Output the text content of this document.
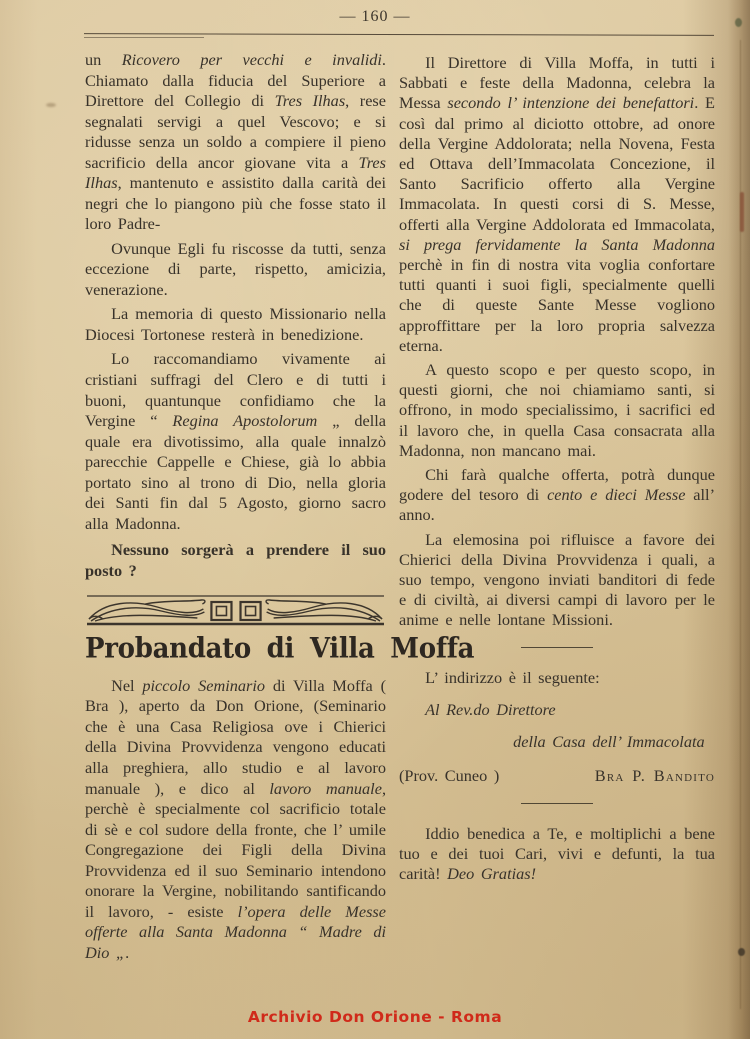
— 160 —

un Ricovero per vecchi e invalidi. Chiamato dalla fiducia del Superiore a Direttore del Collegio di Tres Ilhas, rese segnalati servigi a quel Vescovo; e si ridusse senza un soldo a compiere il pieno sacrificio della ancor giovane vita a Tres Ilhas, mantenuto e assistito dalla carità dei negri che lo piangono più che fosse stato il loro Padre-

Ovunque Egli fu riscosse da tutti, senza eccezione di parte, rispetto, amicizia, venerazione.

La memoria di questo Missionario nella Diocesi Tortonese resterà in benedizione.

Lo raccomandiamo vivamente ai cristiani suffragi del Clero e di tutti i buoni, quantunque confidiamo che la Vergine “ Regina Apostolorum „ della quale era divotissimo, alla quale innalzò parecchie Cappelle e Chiese, già lo abbia portato sino al trono di Dio, nella gloria dei Santi fin dal 5 Agosto, giorno sacro alla Madonna.

Nessuno sorgerà a prendere il suo posto ?

Probandato di Villa Moffa

Nel piccolo Seminario di Villa Moffa ( Bra ), aperto da Don Orione, (Seminario che è una Casa Religiosa ove i Chierici della Divina Provvidenza vengono educati alla preghiera, allo studio e al lavoro manuale ), e dico al lavoro manuale, perchè è specialmente col sacrificio totale di sè e col sudore della fronte, che l’ umile Congregazione dei Figli della Divina Provvidenza ed il suo Seminario intendono onorare la Vergine, nobilitando santificando il lavoro, - esiste l’opera delle Messe offerte alla Santa Madonna “ Madre di Dio „.

Il Direttore di Villa Moffa, in tutti i Sabbati e feste della Madonna, celebra la Messa secondo l’ intenzione dei benefattori. E così dal primo al diciotto ottobre, ad onore della Vergine Addolorata; nella Novena, Festa ed Ottava dell’Immacolata Concezione, il Santo Sacrificio offerto alla Vergine Immacolata. In questi corsi di S. Messe, offerti alla Vergine Addolorata ed Immacolata, si prega fervidamente la Santa Madonna perchè in fin di nostra vita voglia confortare tutti quanti i suoi figli, specialmente quelli che di queste Sante Messe vogliono approffittare per la loro propria salvezza eterna.

A questo scopo e per questo scopo, in questi giorni, che noi chiamiamo santi, si offrono, in modo specialissimo, i sacrifici ed il lavoro che, in quella Casa consacrata alla Madonna, non mancano mai.

Chi farà qualche offerta, potrà dunque godere del tesoro di cento e dieci Messe all’ anno.

La elemosina poi rifluisce a favore dei Chierici della Divina Provvidenza i quali, a suo tempo, vengono inviati banditori di fede e di civiltà, ai diversi campi di lavoro per le anime e nelle lontane Missioni.

L’ indirizzo è il seguente:

Al Rev.do Direttore

della Casa dell’ Immacolata

(Prov. Cuneo )	Bra P. Bandito

Iddio benedica a Te, e moltiplichi a bene tuo e dei tuoi Cari, vivi e defunti, la tua carità! Deo Gratias!

Archivio Don Orione - Roma
